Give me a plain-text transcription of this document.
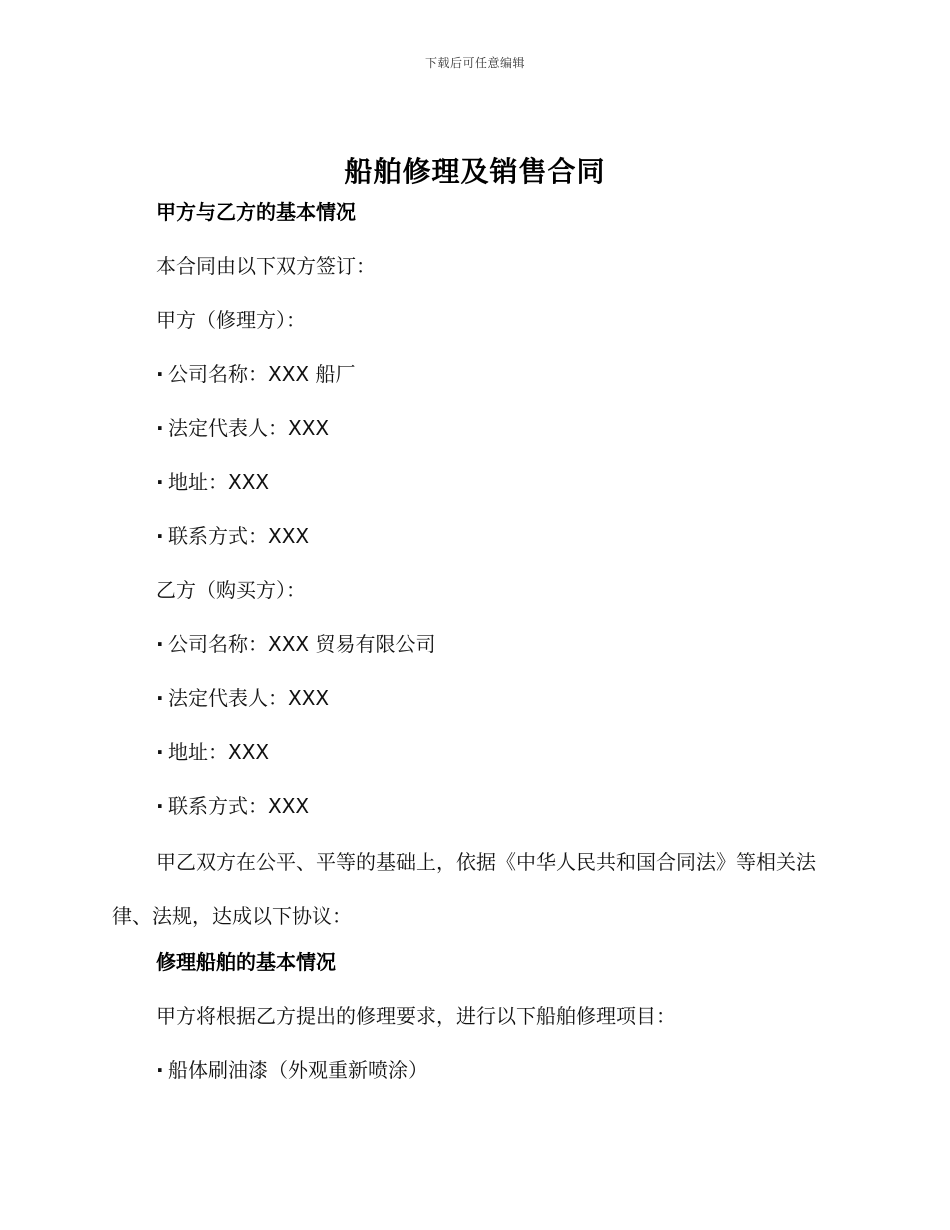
下载后可任意编辑
船舶修理及销售合同
甲方与乙方的基本情况
本合同由以下双方签订：
甲方（修理方）：
· 公司名称：XXX 船厂
· 法定代表人：XXX
· 地址：XXX
· 联系方式：XXX
乙方（购买方）：
· 公司名称：XXX 贸易有限公司
· 法定代表人：XXX
· 地址：XXX
· 联系方式：XXX
甲乙双方在公平、平等的基础上，依据《中华人民共和国合同法》等相关法律、法规，达成以下协议：
修理船舶的基本情况
甲方将根据乙方提出的修理要求，进行以下船舶修理项目：
· 船体刷油漆（外观重新喷涂）
